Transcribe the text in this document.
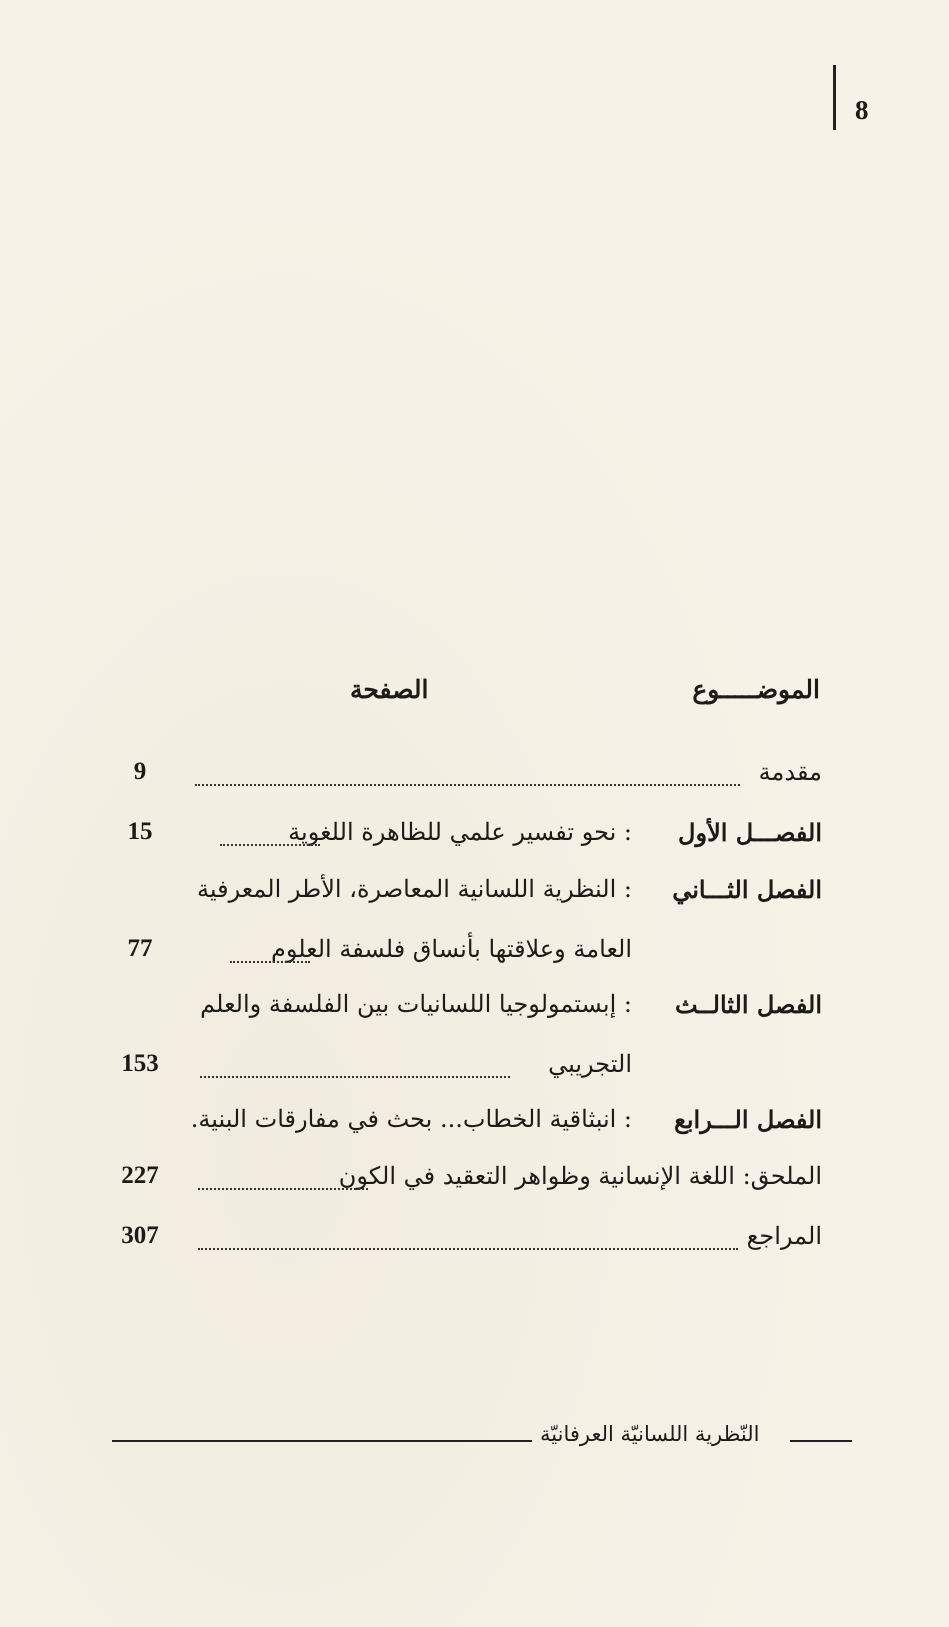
8
الموضـــــوع
الصفحة
مقدمة
9
الفصـــل الأول
: نحو تفسير علمي للظاهرة اللغوية
15
الفصل الثـــاني
: النظرية اللسانية المعاصرة، الأطر المعرفية
العامة وعلاقتها بأنساق فلسفة العلوم
77
الفصل الثالــث
: إبستمولوجيا اللسانيات بين الفلسفة والعلم
التجريبي
153
الفصل الـــرابع
: انبثاقية الخطاب... بحث في مفارقات البنية.
الملحق: اللغة الإنسانية وظواهر التعقيد في الكون
227
المراجع
307
النّظرية اللسانيّة العرفانيّة
